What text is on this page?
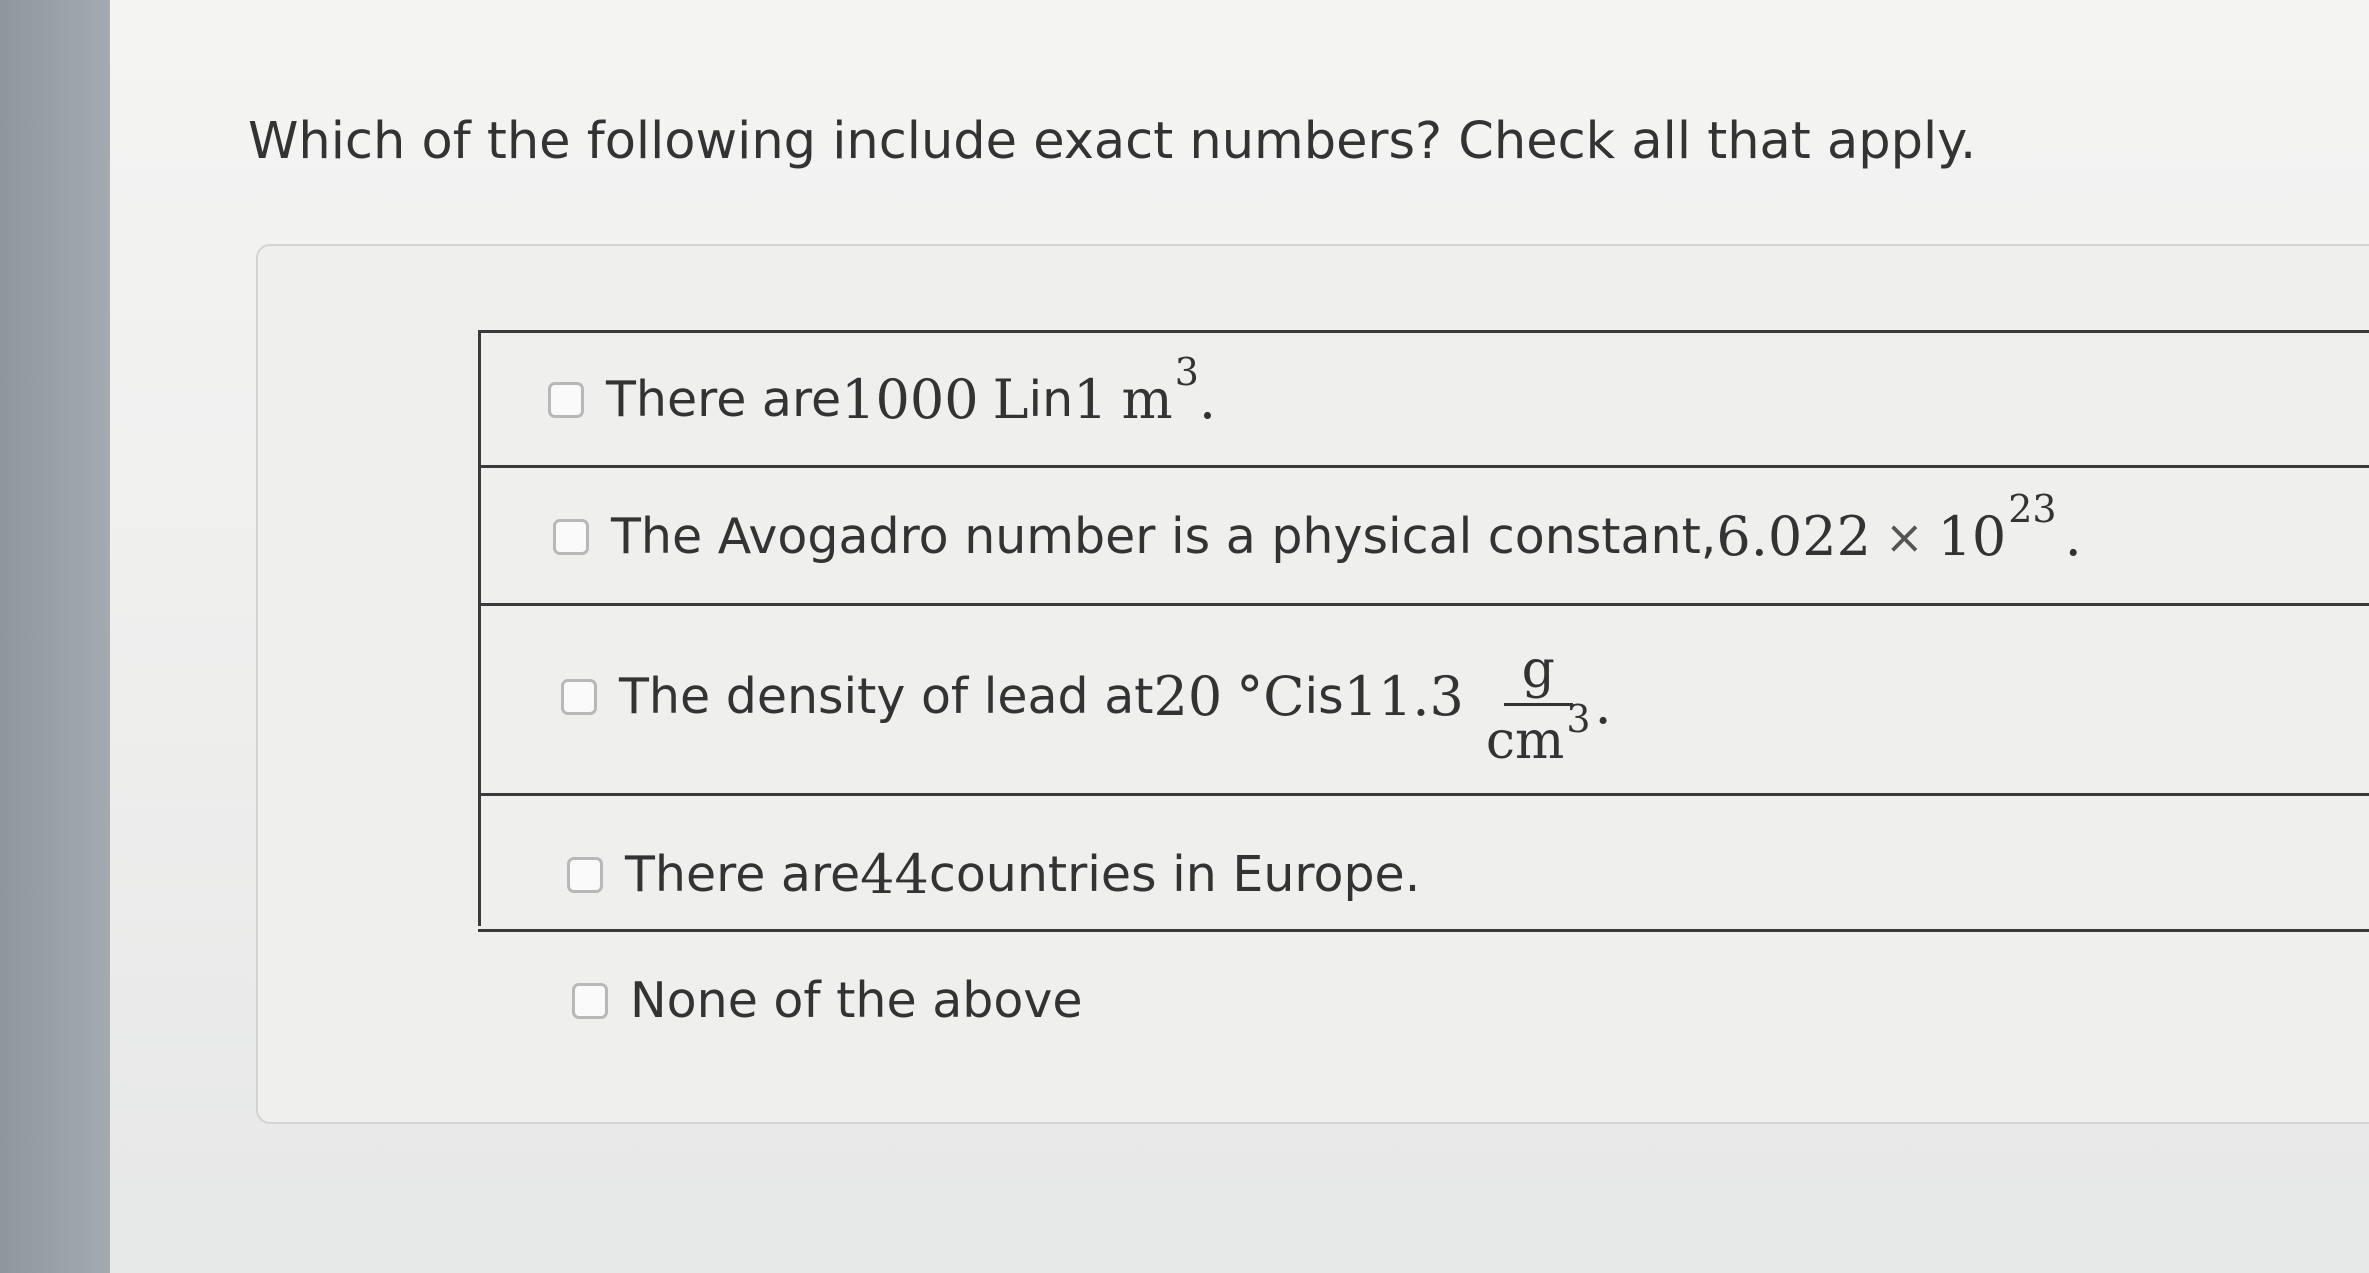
Which of the following include exact numbers? Check all that apply.
There are 1000 L in 1 m 3 .
The Avogadro number is a physical constant, 6.022 × 10 23 .
The density of lead at 20 °C is $11.3 \frac{g}{cm^3}$ .
There are 44 countries in Europe.
None of the above
